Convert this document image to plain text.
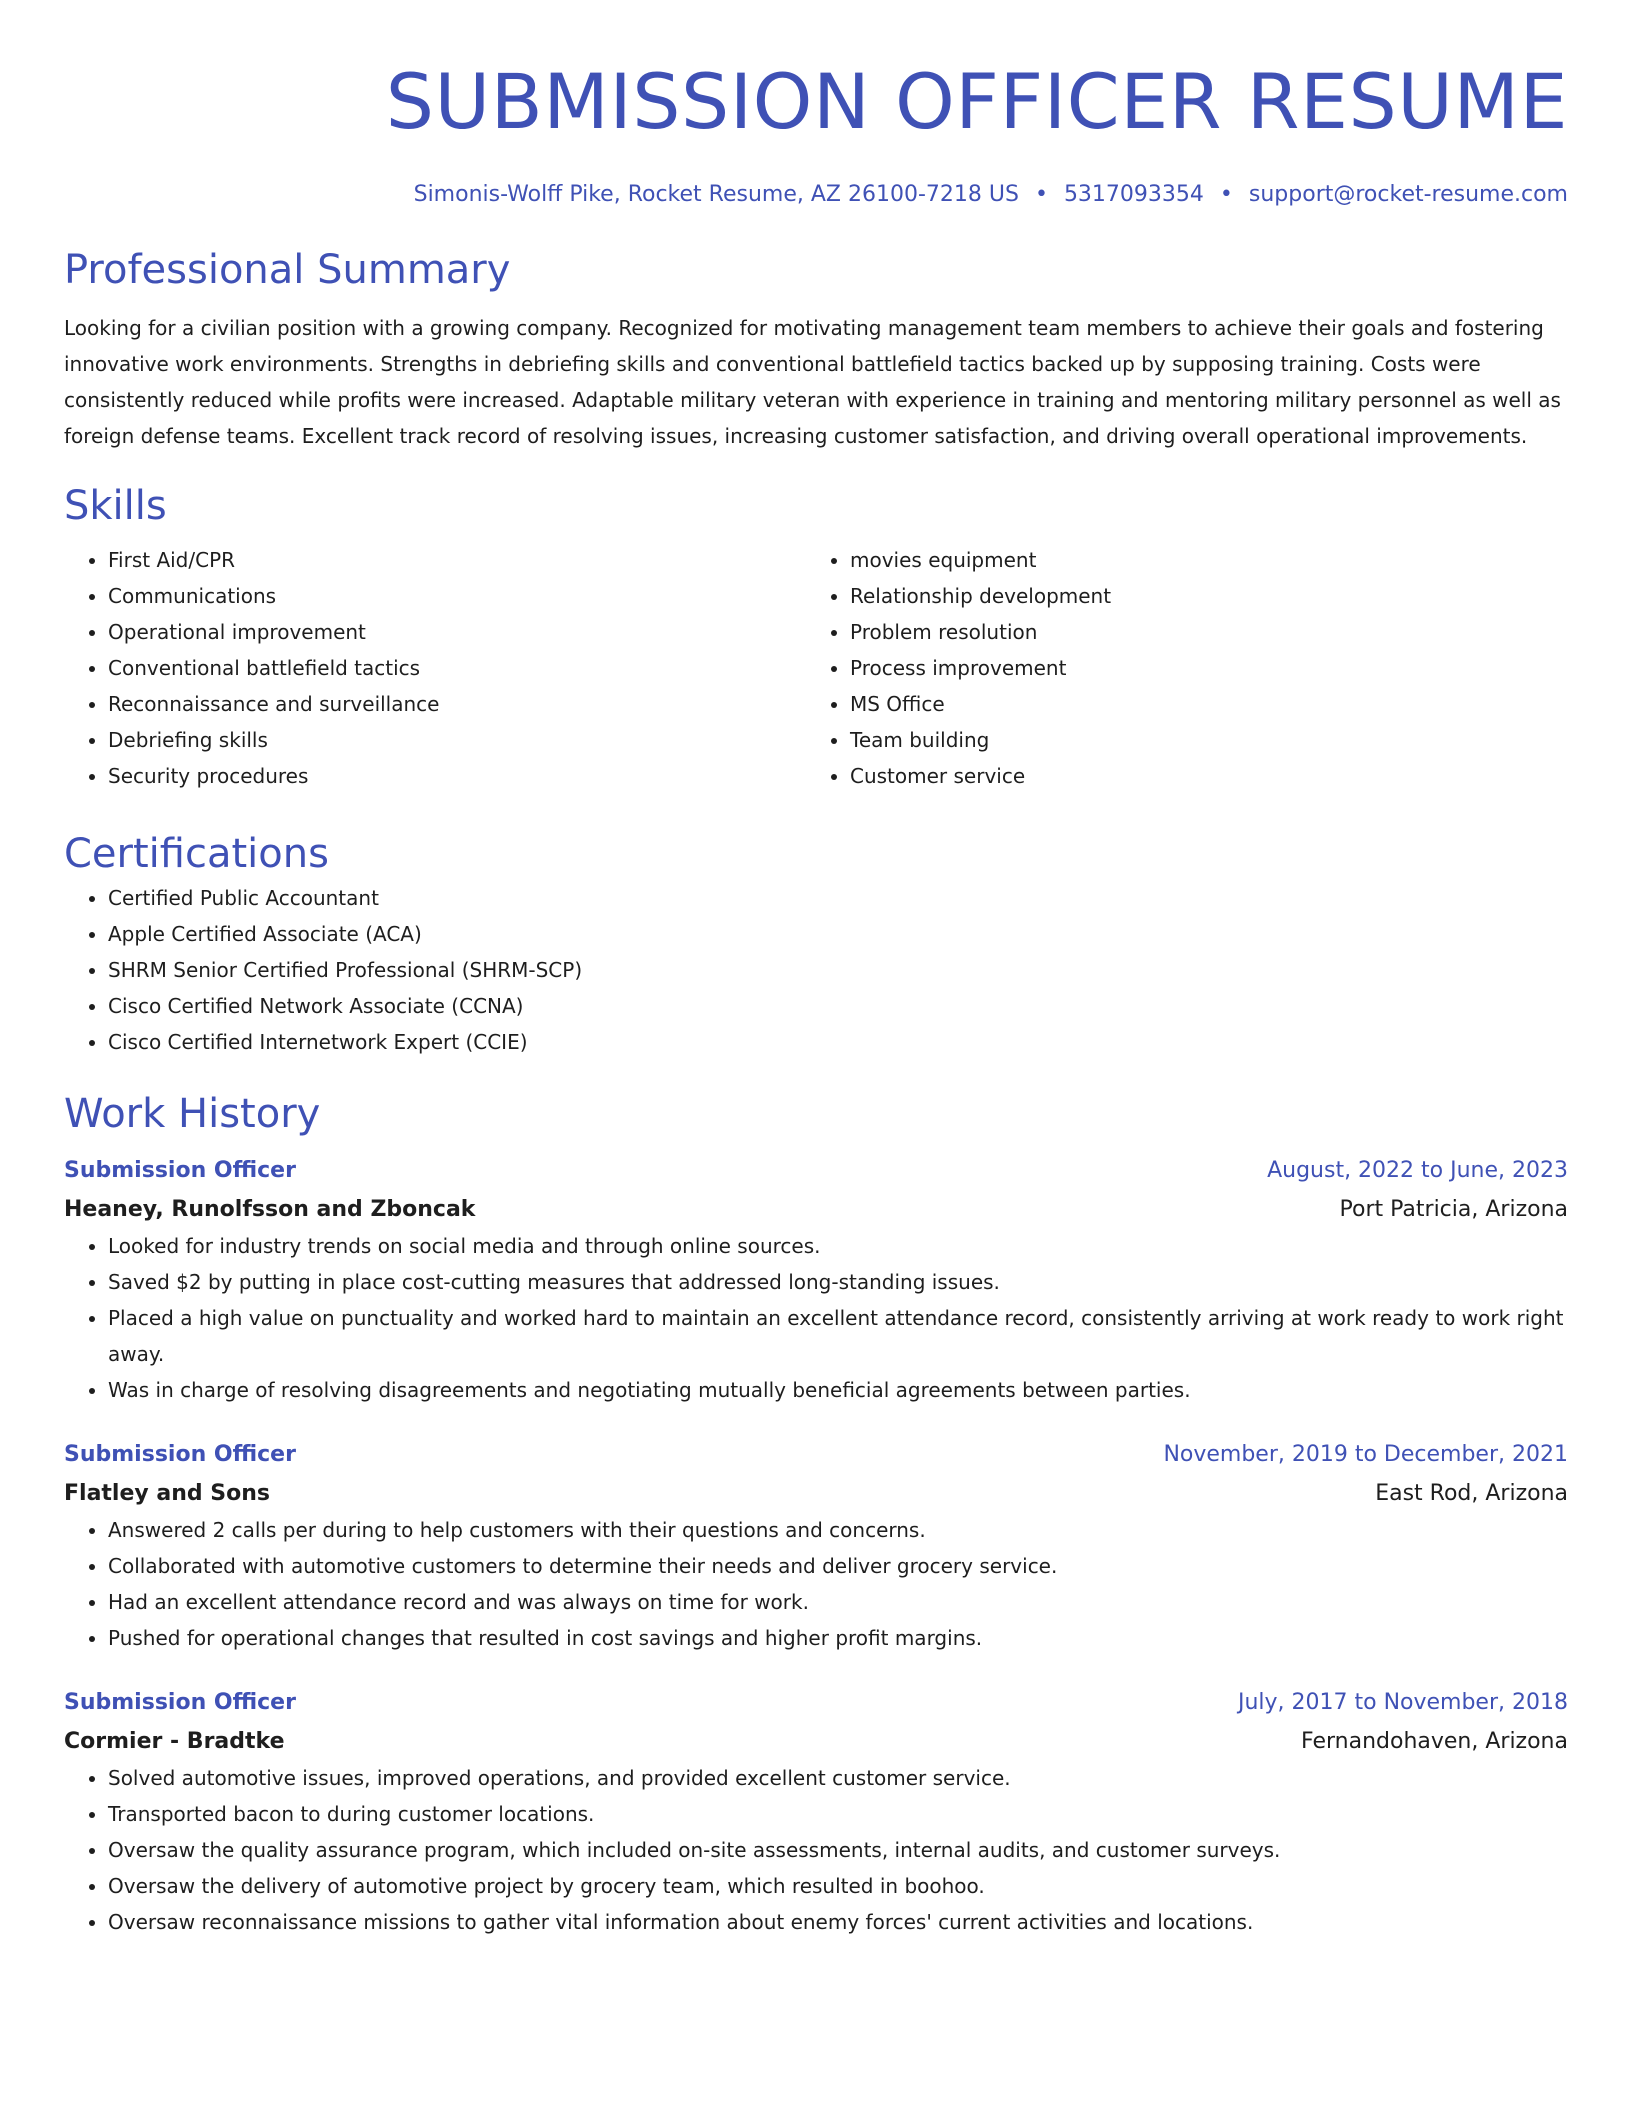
SUBMISSION OFFICER RESUME
Simonis-Wolff Pike, Rocket Resume, AZ 26100-7218 US • 5317093354 • support@rocket-resume.com
Professional Summary

Looking for a civilian position with a growing company. Recognized for motivating management team members to achieve their goals and fostering innovative work environments. Strengths in debriefing skills and conventional battlefield tactics backed up by supposing training. Costs were consistently reduced while profits were increased. Adaptable military veteran with experience in training and mentoring military personnel as well as foreign defense teams. Excellent track record of resolving issues, increasing customer satisfaction, and driving overall operational improvements.

Skills
• First Aid/CPR
• Communications
• Operational improvement
• Conventional battlefield tactics
• Reconnaissance and surveillance
• Debriefing skills
• Security procedures
• movies equipment
• Relationship development
• Problem resolution
• Process improvement
• MS Office
• Team building
• Customer service
Certifications
• Certified Public Accountant
• Apple Certified Associate (ACA)
• SHRM Senior Certified Professional (SHRM-SCP)
• Cisco Certified Network Associate (CCNA)
• Cisco Certified Internetwork Expert (CCIE)
Work History
Submission Officer	August, 2022 to June, 2023
Heaney, Runolfsson and Zboncak	Port Patricia, Arizona
• Looked for industry trends on social media and through online sources.
• Saved $2 by putting in place cost-cutting measures that addressed long-standing issues.
• Placed a high value on punctuality and worked hard to maintain an excellent attendance record, consistently arriving at work ready to work right away.
• Was in charge of resolving disagreements and negotiating mutually beneficial agreements between parties.
Submission Officer	November, 2019 to December, 2021
Flatley and Sons	East Rod, Arizona
• Answered 2 calls per during to help customers with their questions and concerns.
• Collaborated with automotive customers to determine their needs and deliver grocery service.
• Had an excellent attendance record and was always on time for work.
• Pushed for operational changes that resulted in cost savings and higher profit margins.
Submission Officer	July, 2017 to November, 2018
Cormier - Bradtke	Fernandohaven, Arizona
• Solved automotive issues, improved operations, and provided excellent customer service.
• Transported bacon to during customer locations.
• Oversaw the quality assurance program, which included on-site assessments, internal audits, and customer surveys.
• Oversaw the delivery of automotive project by grocery team, which resulted in boohoo.
• Oversaw reconnaissance missions to gather vital information about enemy forces' current activities and locations.
